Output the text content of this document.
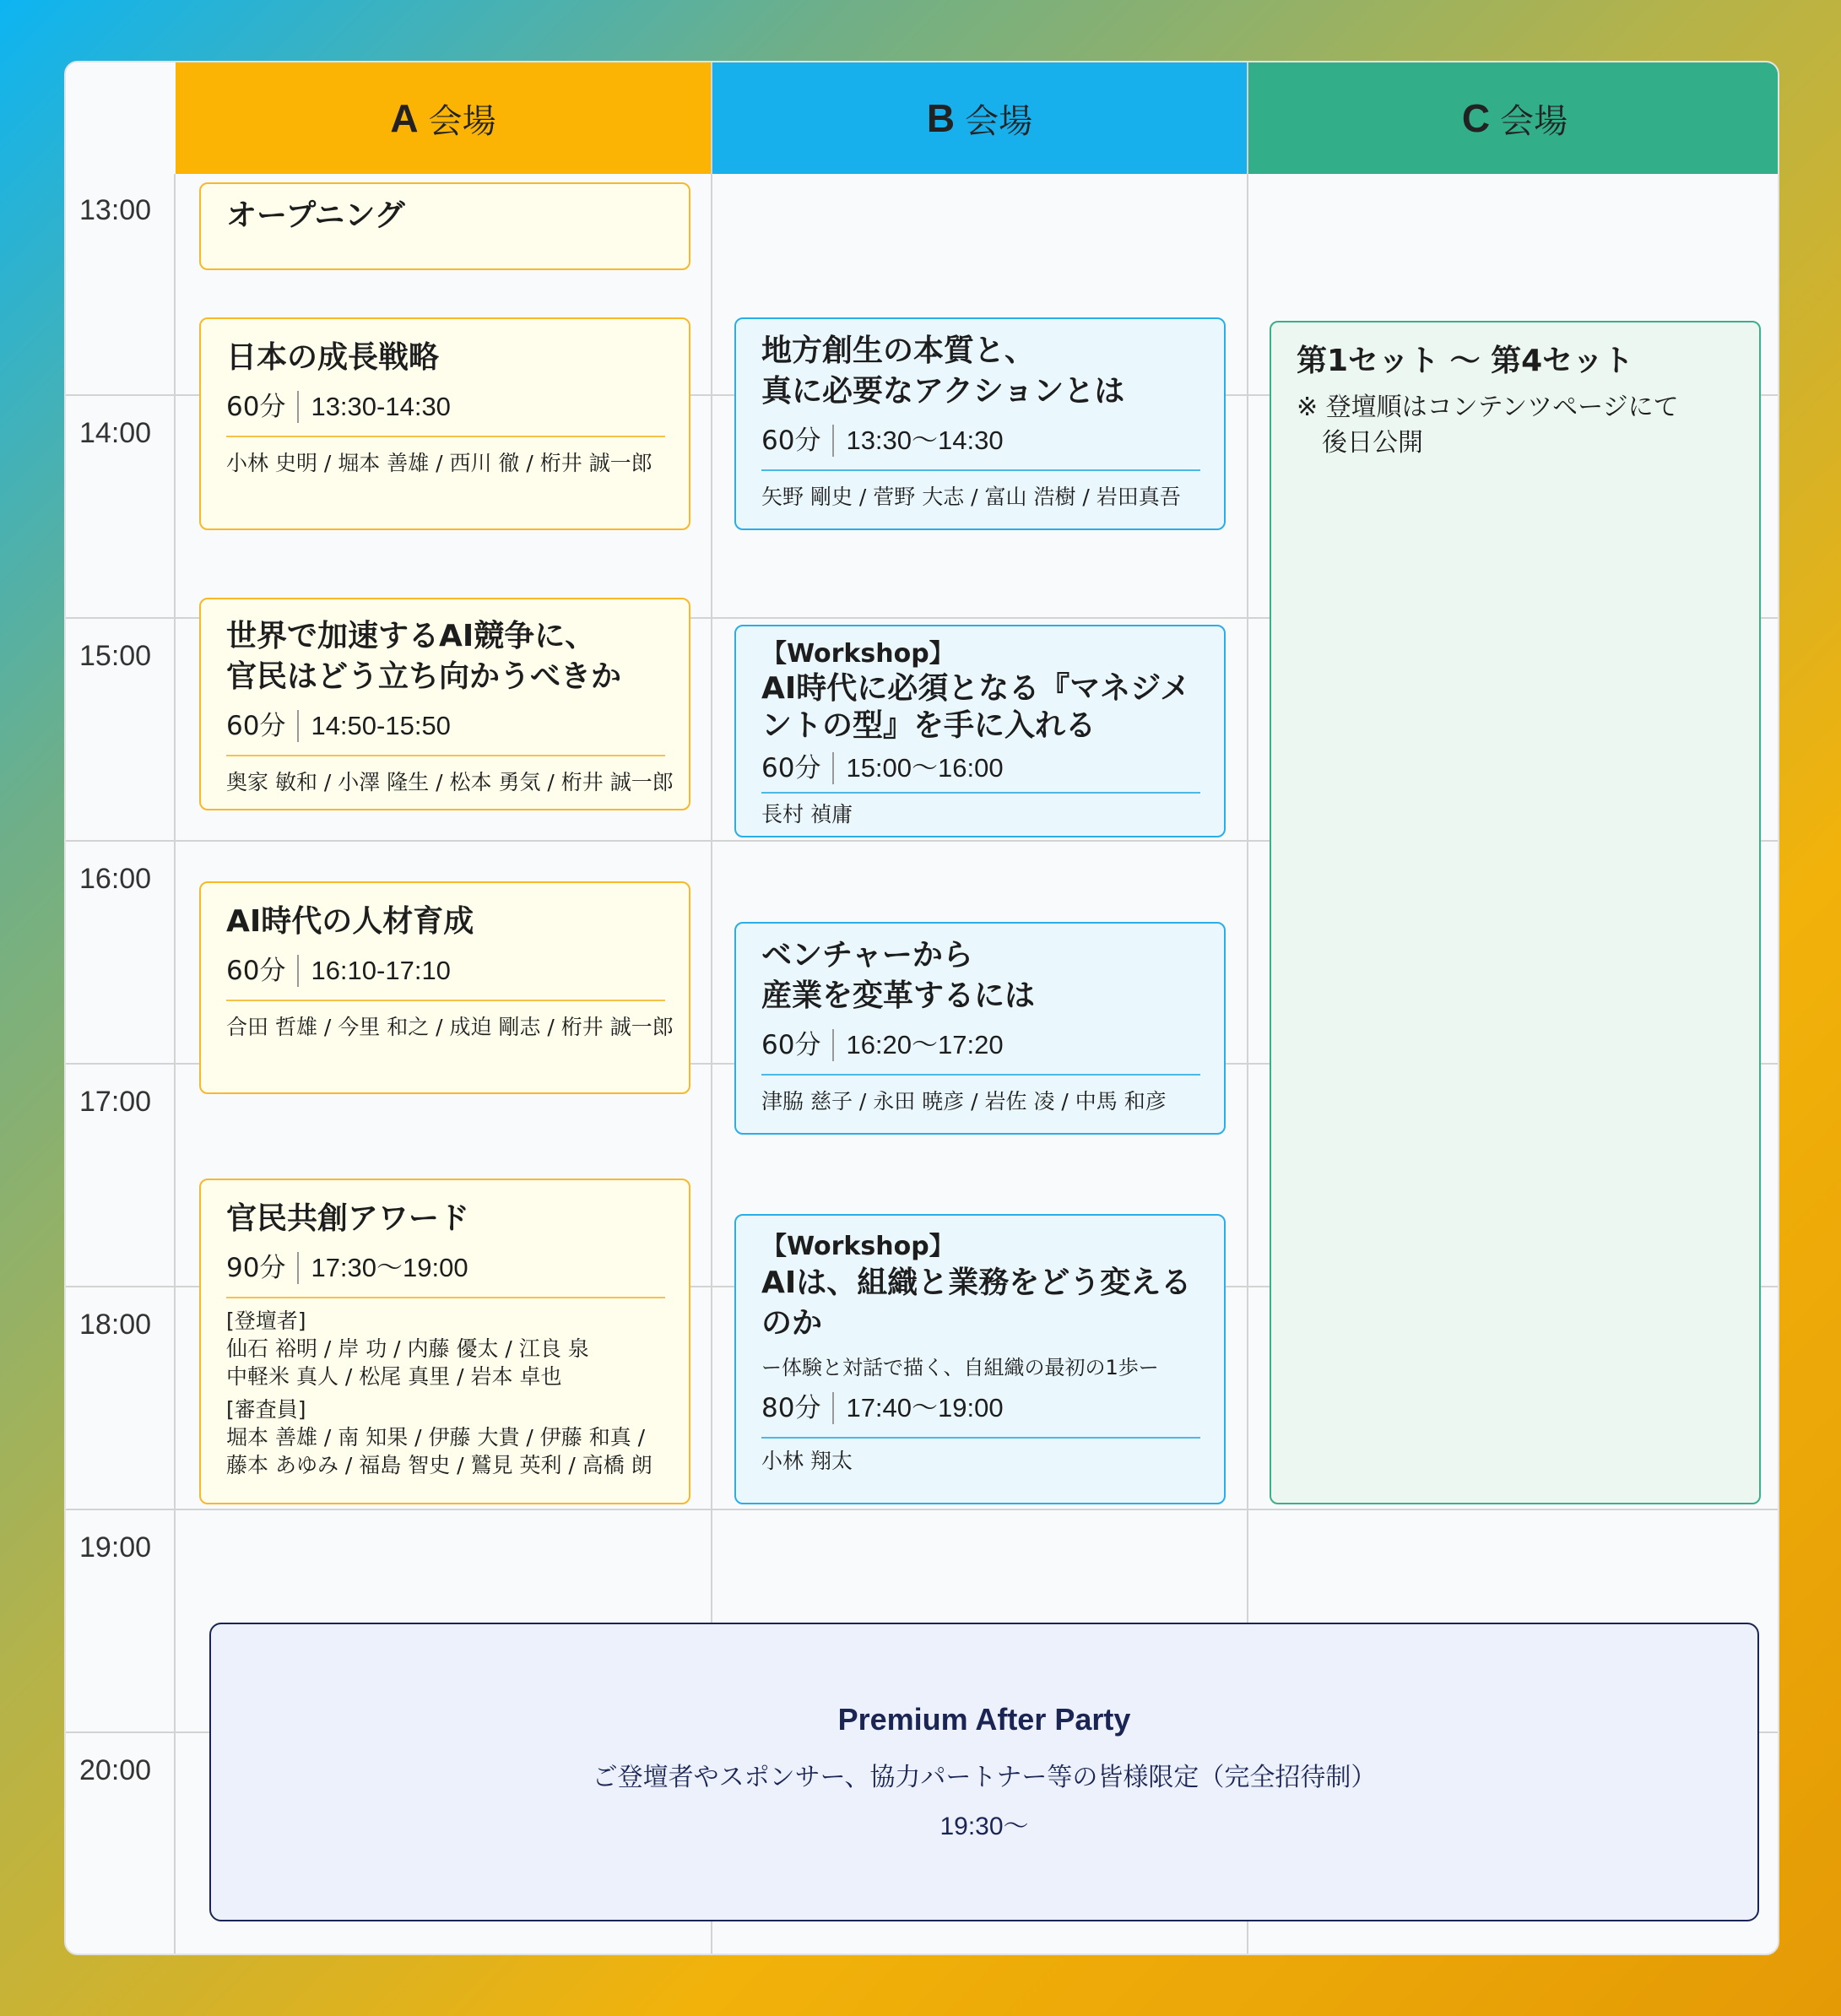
A 会場	B 会場	C 会場
13:00
14:00
15:00
16:00
17:00
18:00
19:00
20:00
オープニング
日本の成長戦略
60分 13:30-14:30
小林 史明 / 堀本 善雄 / 西川 徹 / 桁井 誠一郎
世界で加速するAI競争に、
官民はどう立ち向かうべきか
60分 14:50-15:50
奥家 敏和 / 小澤 隆生 / 松本 勇気 / 桁井 誠一郎
AI時代の人材育成
60分 16:10-17:10
合田 哲雄 / 今里 和之 / 成迫 剛志 / 桁井 誠一郎
官民共創アワード
90分 17:30〜19:00
[登壇者]
仙石 裕明 / 岸 功 / 内藤 優太 / 江良 泉
中軽米 真人 / 松尾 真里 / 岩本 卓也
[審査員]
堀本 善雄 / 南 知果 / 伊藤 大貴 / 伊藤 和真 /
藤本 あゆみ / 福島 智史 / 鷲見 英利 / 高橋 朗
地方創生の本質と、
真に必要なアクションとは
60分 13:30〜14:30
矢野 剛史 / 菅野 大志 / 富山 浩樹 / 岩田真吾
【Workshop】
AI時代に必須となる『マネジメ
ントの型』を手に入れる
60分 15:00〜16:00
長村 禎庸
ベンチャーから
産業を変革するには
60分 16:20〜17:20
津脇 慈子 / 永田 暁彦 / 岩佐 凌 / 中馬 和彦
【Workshop】
AIは、組織と業務をどう変える
のか
ー体験と対話で描く、自組織の最初の1歩ー
80分 17:40〜19:00
小林 翔太
第1セット 〜 第4セット
※ 登壇順はコンテンツページにて
後日公開
Premium After Party
ご登壇者やスポンサー、協力パートナー等の皆様限定（完全招待制）
19:30〜
